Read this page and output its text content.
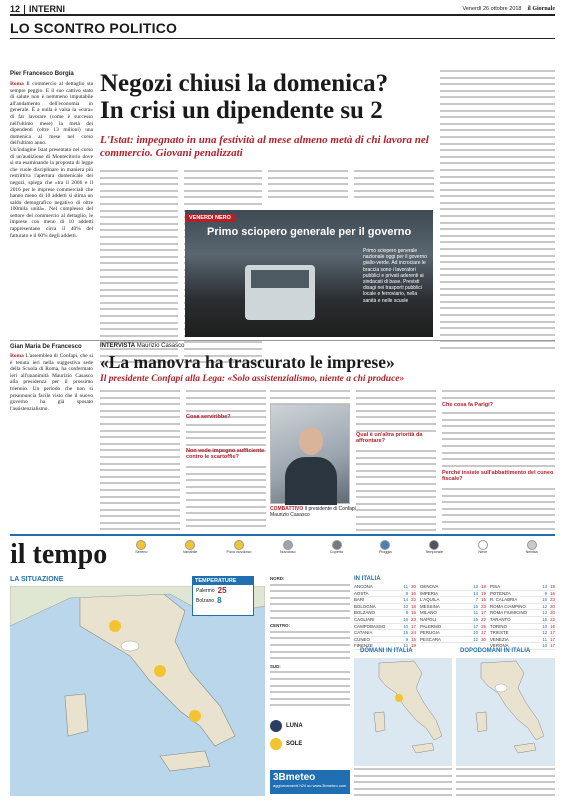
12 INTERNI	Venerdì 26 ottobre 2018 il Giornale
LO SCONTRO POLITICO
Pier Francesco Borgia Negozi chiusi la domenica?
In crisi un dipendente su 2
L'Istat: impegnato in una festività al mese almeno metà di chi lavora nel commercio. Giovani penalizzati
Roma Il commercio al dettaglio sta sempre peggio. E il suo cattivo stato di salute non è nemmeno imputabile all'andamento dell'economia in generale. È a nulla è valsa la «cura» di far lavorare (come è successo nell'ultimo mese) la metà dei dipendenti (oltre 13 milioni) una domenica al mese nel corso dell'ultimo anno.
Un'indagine Istat presentata nel corso di un'audizione di Montecitorio dove si sta esaminando la proposta di legge che vuole disciplinare in maniera più restrittiva l'apertura domenicale dei negozi, spiega che «tra il 2006 e il 2016 per le imprese commerciali che hanno meno di 10 addetti si stima un saldo demografico negativo di oltre 100mila unità». Nel complesso del settore del commercio al dettaglio, le imprese con meno di 10 addetti rappresentano circa il 40% del fatturato e il 60% degli addetti.
VENERDI NERO
Primo sciopero generale per il governo
Primo sciopero generale nazionale oggi per il governo giallo-verde. Ad incrociare le braccia sono i lavoratori pubblici e privati aderenti ai sindacati di base. Previsti disagi nei trasporti pubblici locale e ferroviario, nella sanità e nelle scuole
Gian Maria De Francesco	INTERVISTA Maurizio Casasco
«La manovra ha trascurato le imprese»
Il presidente Confapi alla Lega: «Solo assistenzialismo, niente a chi produce»
Roma L'assemblea di Confapi, che si è tenuta ieri nella suggestiva sede della Scuola di Roma, ha confermato ieri all'unanimità Maurizio Casasco alla presidenza per il prossimo triennio. Un periodo che non si preannuncia facile visto che il nuovo governo ha già sposato l'assistenzialismo.
Cosa serviribbe?
Non vede impegno sufficiente contro le scartoffie?
COMBATTIVO Il presidente di Confapi Maurizio Casasco
Qual è un'altra priorità da affrontare?
Che cosa fa Parigi?
Perché insiste sull'abbattimento del cuneo fiscale?
il tempo	Sereno	Variabile	Poco nuvoloso	Nuvoloso	Coperto	Pioggia	Temporale	Neve	Nebbia
LA SITUAZIONE	TEMPERATURE
Palermo 25
Bolzano 8
NORD:
CENTRO:
SUD:
LUNA
SOLE
3Bmeteo
aggiornamenti h24 su www.3bmeteo.com
IN ITALIA
ANCONA	11 20
AOSTA	8 16
BARI	14 22
BOLOGNA	10 18
BOLZANO	8 15
CAGLIARI	16 23
CAMPOBASSO	10 17
CATANIA	15 24
CUNEO	9 15
FIRENZE	12 19
GENOVA	13 18
IMPERIA	14 19
L'AQUILA	7 15
MESSINA	16 23
MILANO	11 17
NAPOLI	15 22
PALERMO	17 25
PERUGIA	10 17
PESCARA	12 20
PISA	13 19
POTENZA	9 16
R. CALABRIA	16 23
ROMA CIAMPINO	12 20
ROMA FIUMICINO	13 20
TARANTO	15 22
TORINO	10 16
TRIESTE	12 17
VENEZIA	11 17
VERONA	10 17
DOMANI IN ITALIA	DOPODOMANI IN ITALIA
